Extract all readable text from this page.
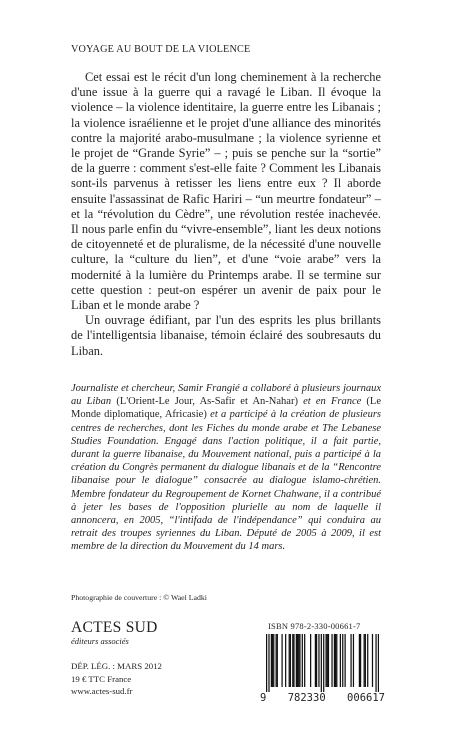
VOYAGE AU BOUT DE LA VIOLENCE

Cet essai est le récit d'un long cheminement à la recherche d'une issue à la guerre qui a ravagé le Liban. Il évoque la violence – la violence identitaire, la guerre entre les Libanais ; la violence israélienne et le projet d'une alliance des minorités contre la majorité arabo-musulmane ; la violence syrienne et le projet de “Grande Syrie” – ; puis se penche sur la “sortie” de la guerre : comment s'est-elle faite ? Comment les Libanais sont-ils parvenus à retisser les liens entre eux ? Il aborde ensuite l'assassinat de Rafic Hariri – “un meurtre fondateur” – et la “révolution du Cèdre”, une révolution restée inachevée. Il nous parle enfin du “vivre-ensemble”, liant les deux notions de citoyenneté et de pluralisme, de la nécessité d'une nouvelle culture, la “culture du lien”, et d'une “voie arabe” vers la modernité à la lumière du Printemps arabe. Il se termine sur cette question : peut-on espérer un avenir de paix pour le Liban et le monde arabe ?

Un ouvrage édifiant, par l'un des esprits les plus brillants de l'intelligentsia libanaise, témoin éclairé des soubresauts du Liban.

Journaliste et chercheur, Samir Frangié a collaboré à plusieurs journaux au Liban (L'Orient-Le Jour, As-Safir et An-Nahar) et en France (Le Monde diplomatique, Africasie) et a participé à la création de plusieurs centres de recherches, dont les Fiches du monde arabe et The Lebanese Studies Foundation. Engagé dans l'action politique, il a fait partie, durant la guerre libanaise, du Mouvement national, puis a participé à la création du Congrès permanent du dialogue libanais et de la “Rencontre libanaise pour le dialogue” consacrée au dialogue islamo-chrétien. Membre fondateur du Regroupement de Kornet Chahwane, il a contribué à jeter les bases de l'opposition plurielle au nom de laquelle il annoncera, en 2005, “l'intifada de l'indépendance” qui conduira au retrait des troupes syriennes du Liban. Député de 2005 à 2009, il est membre de la direction du Mouvement du 14 mars.

Photographie de couverture : © Wael Ladki
ACTES SUD
éditeurs associés
DÉP. LÉG. : MARS 2012
19 € TTC France
www.actes-sud.fr
ISBN 978-2-330-00661-7
9 782330 006617
